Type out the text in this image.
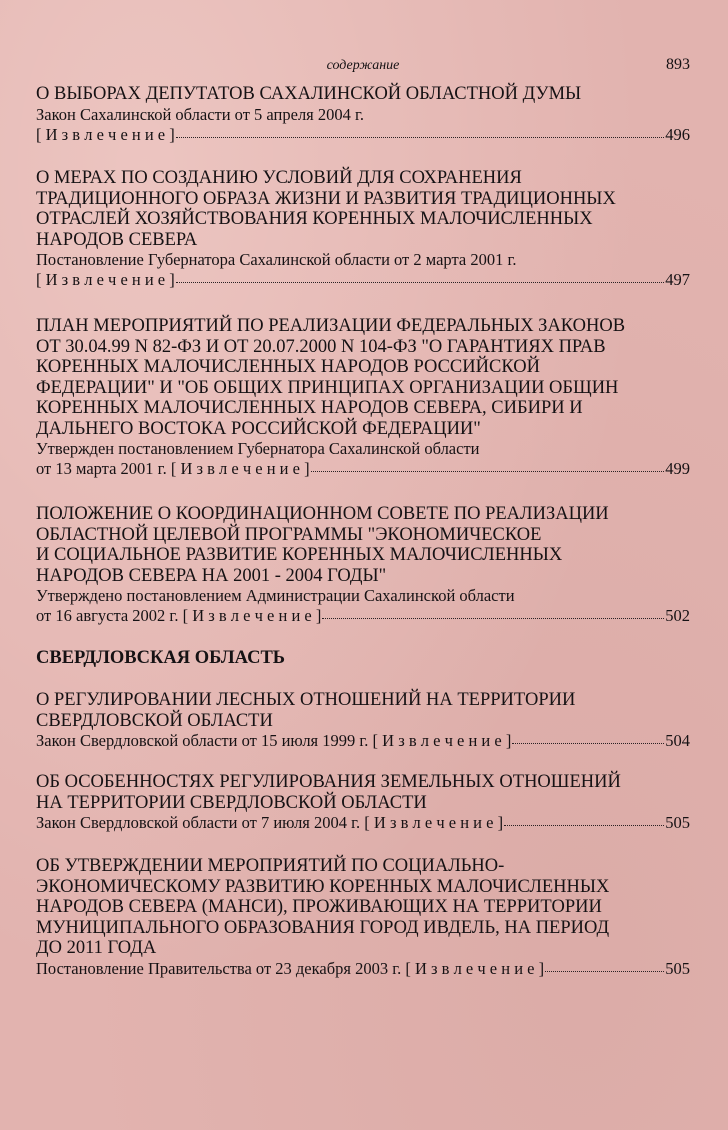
содержание	893
О ВЫБОРАХ ДЕПУТАТОВ САХАЛИНСКОЙ ОБЛАСТНОЙ ДУМЫ
Закон Сахалинской области от 5 апреля 2004 г.
[ И з в л е ч е н и е ]	496
О МЕРАХ ПО СОЗДАНИЮ УСЛОВИЙ ДЛЯ СОХРАНЕНИЯ
ТРАДИЦИОННОГО ОБРАЗА ЖИЗНИ И РАЗВИТИЯ ТРАДИЦИОННЫХ
ОТРАСЛЕЙ ХОЗЯЙСТВОВАНИЯ КОРЕННЫХ МАЛОЧИСЛЕННЫХ
НАРОДОВ СЕВЕРА
Постановление Губернатора Сахалинской области от 2 марта 2001 г.
[ И з в л е ч е н и е ]	497
ПЛАН МЕРОПРИЯТИЙ ПО РЕАЛИЗАЦИИ ФЕДЕРАЛЬНЫХ ЗАКОНОВ
ОТ 30.04.99 N 82-ФЗ И ОТ 20.07.2000 N 104-ФЗ "О ГАРАНТИЯХ ПРАВ
КОРЕННЫХ МАЛОЧИСЛЕННЫХ НАРОДОВ РОССИЙСКОЙ
ФЕДЕРАЦИИ" И "ОБ ОБЩИХ ПРИНЦИПАХ ОРГАНИЗАЦИИ ОБЩИН
КОРЕННЫХ МАЛОЧИСЛЕННЫХ НАРОДОВ СЕВЕРА, СИБИРИ И
ДАЛЬНЕГО ВОСТОКА РОССИЙСКОЙ ФЕДЕРАЦИИ"
Утвержден постановлением Губернатора Сахалинской области
от 13 марта 2001 г. [ И з в л е ч е н и е ]	499
ПОЛОЖЕНИЕ О КООРДИНАЦИОННОМ СОВЕТЕ ПО РЕАЛИЗАЦИИ
ОБЛАСТНОЙ ЦЕЛЕВОЙ ПРОГРАММЫ "ЭКОНОМИЧЕСКОЕ
И СОЦИАЛЬНОЕ РАЗВИТИЕ КОРЕННЫХ МАЛОЧИСЛЕННЫХ
НАРОДОВ СЕВЕРА НА 2001 - 2004 ГОДЫ"
Утверждено постановлением Администрации Сахалинской области
от 16 августа 2002 г. [ И з в л е ч е н и е ]	502
СВЕРДЛОВСКАЯ ОБЛАСТЬ
О РЕГУЛИРОВАНИИ ЛЕСНЫХ ОТНОШЕНИЙ НА ТЕРРИТОРИИ
СВЕРДЛОВСКОЙ ОБЛАСТИ
Закон Свердловской области от 15 июля 1999 г. [ И з в л е ч е н и е ]	504
ОБ ОСОБЕННОСТЯХ РЕГУЛИРОВАНИЯ ЗЕМЕЛЬНЫХ ОТНОШЕНИЙ
НА ТЕРРИТОРИИ СВЕРДЛОВСКОЙ ОБЛАСТИ
Закон Свердловской области от 7 июля 2004 г. [ И з в л е ч е н и е ]	505
ОБ УТВЕРЖДЕНИИ МЕРОПРИЯТИЙ ПО СОЦИАЛЬНО-
ЭКОНОМИЧЕСКОМУ РАЗВИТИЮ КОРЕННЫХ МАЛОЧИСЛЕННЫХ
НАРОДОВ СЕВЕРА (МАНСИ), ПРОЖИВАЮЩИХ НА ТЕРРИТОРИИ
МУНИЦИПАЛЬНОГО ОБРАЗОВАНИЯ ГОРОД ИВДЕЛЬ, НА ПЕРИОД
ДО 2011 ГОДА
Постановление Правительства от 23 декабря 2003 г. [ И з в л е ч е н и е ]	505
